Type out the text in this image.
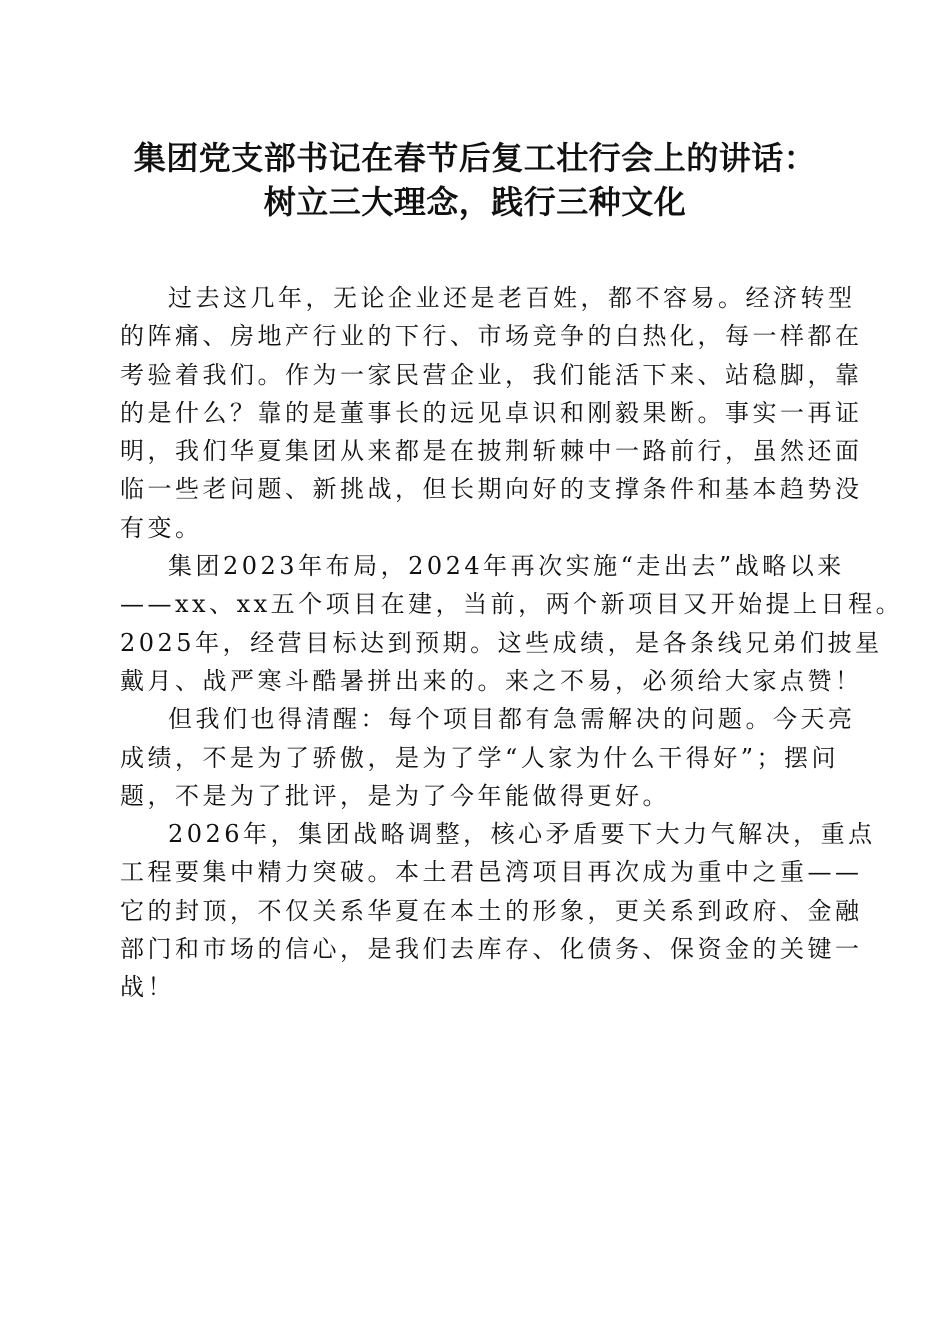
集团党支部书记在春节后复工壮行会上的讲话：
树立三大理念，践行三种文化

过去这几年，无论企业还是老百姓，都不容易。经济转型
的阵痛、房地产行业的下行、市场竞争的白热化，每一样都在
考验着我们。作为一家民营企业，我们能活下来、站稳脚，靠
的是什么？靠的是董事长的远见卓识和刚毅果断。事实一再证
明，我们华夏集团从来都是在披荆斩棘中一路前行，虽然还面
临一些老问题、新挑战，但长期向好的支撑条件和基本趋势没
有变。

集团2023年布局，2024年再次实施“走出去”战略以来
——xx、xx五个项目在建，当前，两个新项目又开始提上日程。
2025年，经营目标达到预期。这些成绩，是各条线兄弟们披星
戴月、战严寒斗酷暑拼出来的。来之不易，必须给大家点赞！

但我们也得清醒：每个项目都有急需解决的问题。今天亮
成绩，不是为了骄傲，是为了学“人家为什么干得好”；摆问
题，不是为了批评，是为了今年能做得更好。

2026年，集团战略调整，核心矛盾要下大力气解决，重点
工程要集中精力突破。本土君邑湾项目再次成为重中之重——
它的封顶，不仅关系华夏在本土的形象，更关系到政府、金融
部门和市场的信心，是我们去库存、化债务、保资金的关键一
战！
